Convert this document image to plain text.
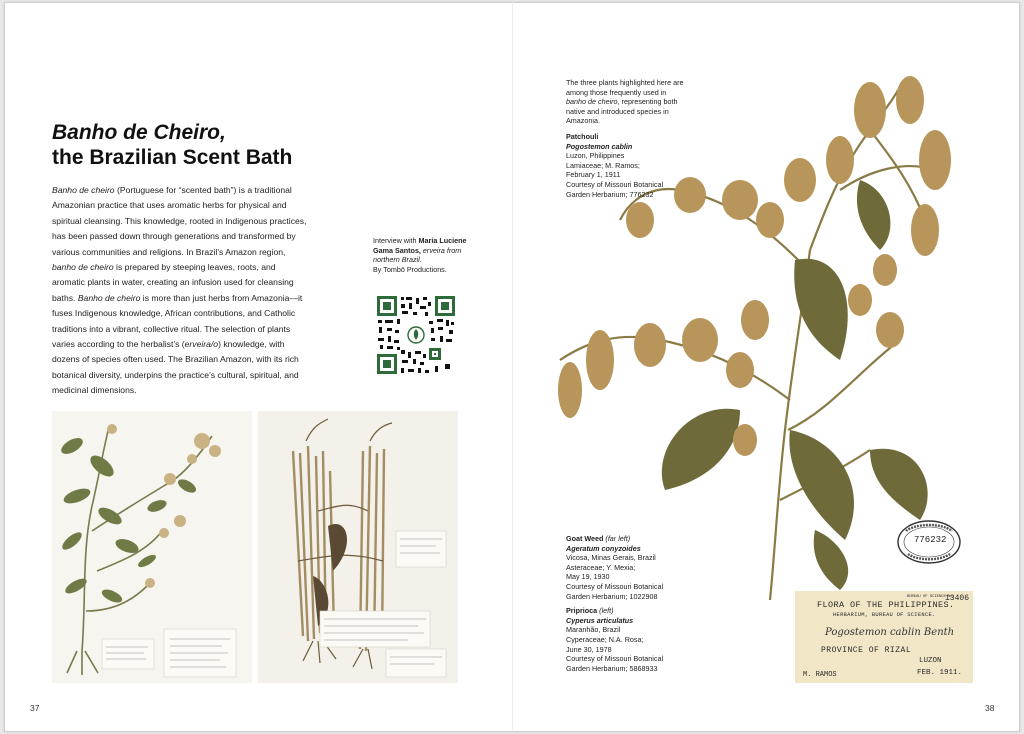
Banho de Cheiro,
the Brazilian Scent Bath
Banho de cheiro (Portuguese for “scented bath”) is a traditional Amazonian practice that uses aromatic herbs for physical and spiritual cleansing. This knowledge, rooted in Indigenous practices, has been passed down through generations and transformed by various communities and religions. In Brazil’s Amazon region, banho de cheiro is prepared by steeping leaves, roots, and aromatic plants in water, creating an infusion used for cleansing baths. Banho de cheiro is more than just herbs from Amazonia—it fuses Indigenous knowledge, African contributions, and Catholic traditions into a vibrant, collective ritual. The selection of plants varies according to the herbalist’s (erveira/o) knowledge, with dozens of species often used. The Brazilian Amazon, with its rich botanical diversity, underpins the practice’s cultural, spiritual, and medicinal dimensions.
Interview with Maria Luciene Gama Santos, erveira from northern Brazil.
By Tombō Productions.
The three plants highlighted here are among those frequently used in banho de cheiro, representing both native and introduced species in Amazonia.
Patchouli
Pogostemon cablin
Luzon, Philippines
Lamiaceae; M. Ramos;
February 1, 1911
Courtesy of Missouri Botanical
Garden Herbarium; 776232
Goat Weed (far left)
Ageratum conyzoides
Vicosa, Minas Gerais, Brazil
Asteraceae; Y. Mexia;
May 19, 1930
Courtesy of Missouri Botanical
Garden Herbarium; 1022908
Priprioca (left)
Cyperus articulatus
Maranhão, Brazil
Cyperaceae; N.A. Rosa;
June 30, 1978
Courtesy of Missouri Botanical
Garden Herbarium; 5868933
776232
BUREAU OF SCIENCE No.
13406
FLORA OF THE PHILIPPINES.
HERBARIUM, BUREAU OF SCIENCE.
Pogostemon cablin Benth
PROVINCE OF RIZAL
LUZON
FEB. 1911.
M. RAMOS
37	38
